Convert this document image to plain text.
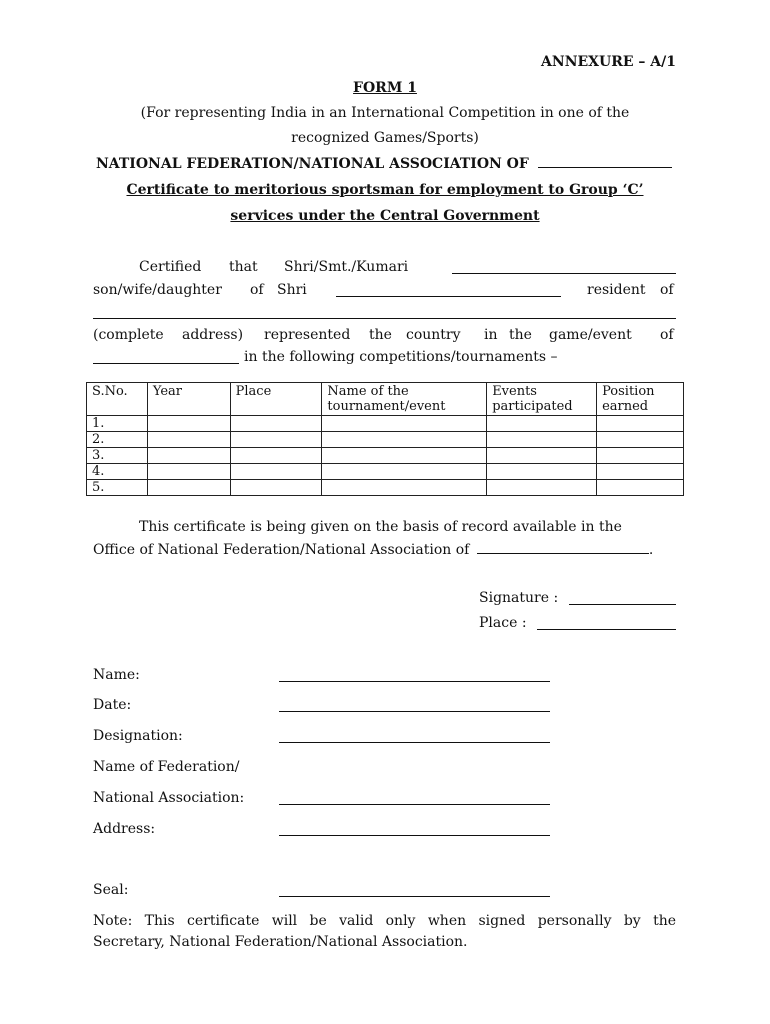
ANNEXURE – A/1
FORM 1
(For representing India in an International Competition in one of the
recognized Games/Sports)
NATIONAL FEDERATION/NATIONAL ASSOCIATION OF
Certificate to meritorious sportsman for employment to Group ‘C’
services under the Central Government
Certified that Shri/Smt./Kumari
son/wife/daughter of Shri	resident of
(complete address) represented the country in the game/event of
in the following competitions/tournaments –
S.No.	Year	Place	Name of the tournament/event	Events participated	Position earned
1.					
2.					
3.					
4.					
5.					
This certificate is being given on the basis of record available in the
Office of National Federation/National Association of	.
Signature :
Place :
Name:
Date:
Designation:
Name of Federation/
National Association:
Address:
Seal:
Note: This certificate will be valid only when signed personally by the
Secretary, National Federation/National Association.
